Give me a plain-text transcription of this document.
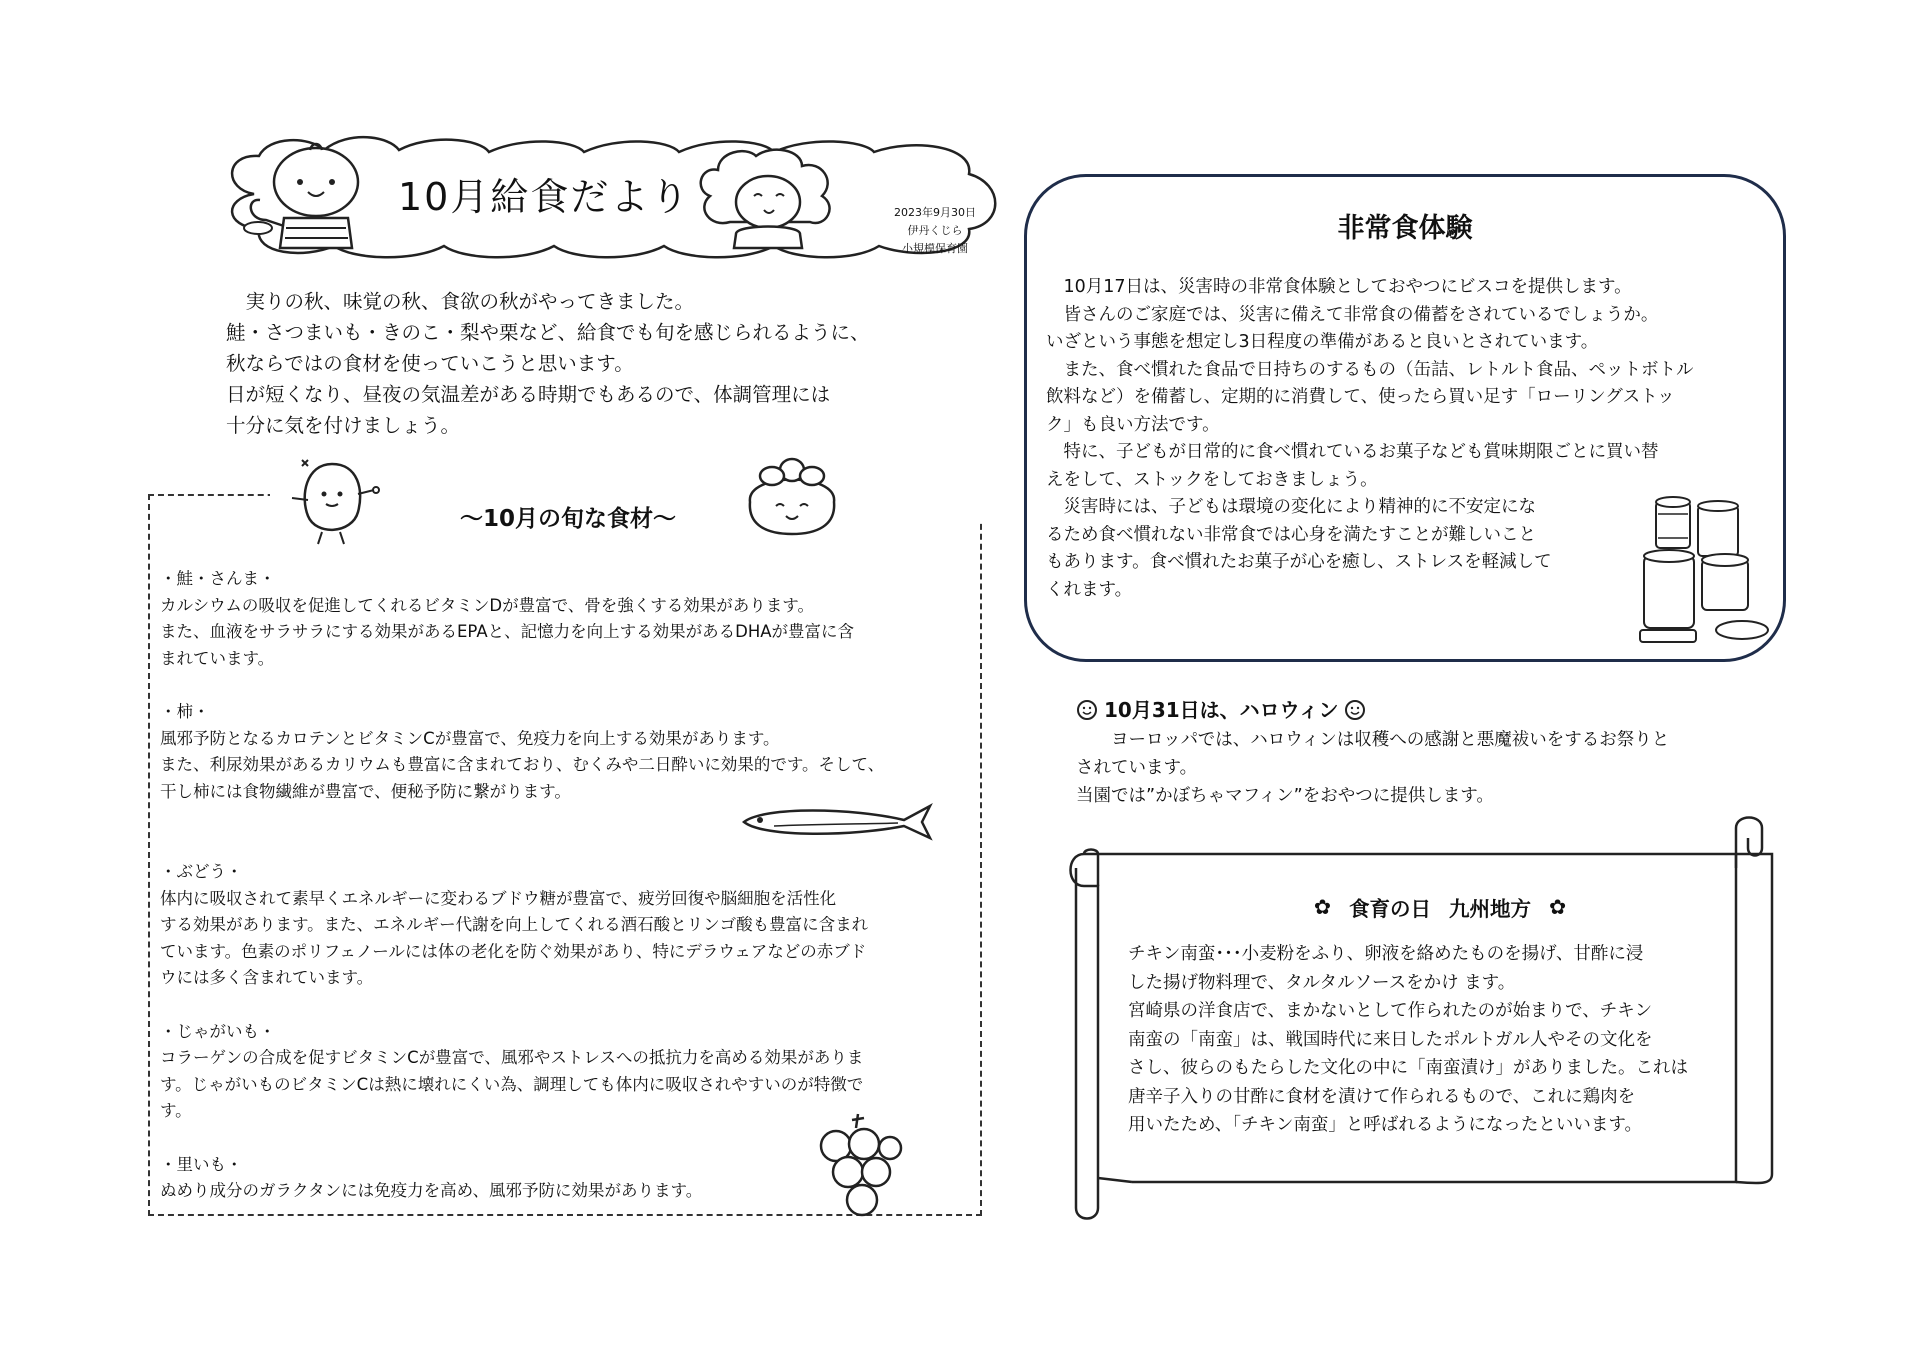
10月給食だより	2023年9月30日
伊丹くじら
小規模保育園

　実りの秋、味覚の秋、食欲の秋がやってきました。

鮭・さつまいも・きのこ・梨や栗など、給食でも旬を感じられるように、

秋ならではの食材を使っていこうと思います。

日が短くなり、昼夜の気温差がある時期でもあるので、体調管理には

十分に気を付けましょう。

～10月の旬な食材～

・鮭・さんま・

カルシウムの吸収を促進してくれるビタミンDが豊富で、骨を強くする効果があります。

また、血液をサラサラにする効果があるEPAと、記憶力を向上する効果があるDHAが豊富に含

まれています。

・柿・

風邪予防となるカロテンとビタミンCが豊富で、免疫力を向上する効果があります。

また、利尿効果があるカリウムも豊富に含まれており、むくみや二日酔いに効果的です。そして、

干し柿には食物繊維が豊富で、便秘予防に繋がります。

・ぶどう・

体内に吸収されて素早くエネルギーに変わるブドウ糖が豊富で、疲労回復や脳細胞を活性化

する効果があります。また、エネルギー代謝を向上してくれる酒石酸とリンゴ酸も豊富に含まれ

ています。色素のポリフェノールには体の老化を防ぐ効果があり、特にデラウェアなどの赤ブド

ウには多く含まれています。

・じゃがいも・

コラーゲンの合成を促すビタミンCが豊富で、風邪やストレスへの抵抗力を高める効果がありま

す。じゃがいものビタミンCは熱に壊れにくい為、調理しても体内に吸収されやすいのが特徴で

す。

・里いも・

ぬめり成分のガラクタンには免疫力を高め、風邪予防に効果があります。

非常食体験

　10月17日は、災害時の非常食体験としておやつにビスコを提供します。

　皆さんのご家庭では、災害に備えて非常食の備蓄をされているでしょうか。

いざという事態を想定し3日程度の準備があると良いとされています。

　また、食べ慣れた食品で日持ちのするもの（缶詰、レトルト食品、ペットボトル

飲料など）を備蓄し、定期的に消費して、使ったら買い足す「ローリングストッ

ク」も良い方法です。

　特に、子どもが日常的に食べ慣れているお菓子なども賞味期限ごとに買い替

えをして、ストックをしておきましょう。

　災害時には、子どもは環境の変化により精神的に不安定にな

るため食べ慣れない非常食では心身を満たすことが難しいこと

もあります。食べ慣れたお菓子が心を癒し、ストレスを軽減して

くれます。

10月31日は、ハロウィン

　　ヨーロッパでは、ハロウィンは収穫への感謝と悪魔祓いをするお祭りと

されています。

当園では”かぼちゃマフィン”をおやつに提供します。

✿ 食育の日 九州地方 ✿

チキン南蛮･･･小麦粉をふり、卵液を絡めたものを揚げ、甘酢に浸

した揚げ物料理で、タルタルソースをかけ ます。

宮崎県の洋食店で、まかないとして作られたのが始まりで、チキン

南蛮の「南蛮」は、戦国時代に来日したポルトガル人やその文化を

さし、彼らのもたらした文化の中に「南蛮漬け」がありました。これは

唐辛子入りの甘酢に食材を漬けて作られるもので、これに鶏肉を

用いたため、「チキン南蛮」と呼ばれるようになったといいます。
